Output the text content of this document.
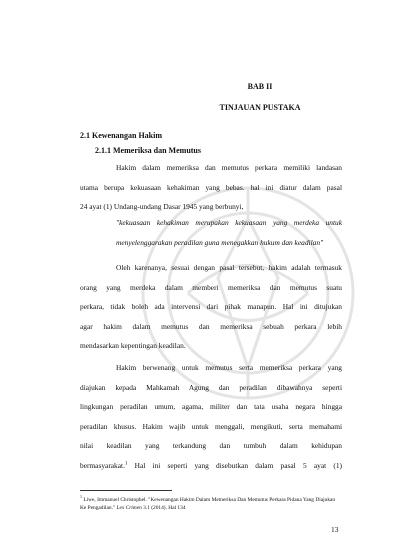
BAB II
TINJAUAN PUSTAKA
2.1 Kewenangan Hakim
2.1.1 Memeriksa dan Memutus
Hakim dalam memeriksa dan memutus perkara memiliki landasan
utama berupa kekuasaan kehakiman yang bebas. hal ini diatur dalam pasal
24 ayat (1) Undang-undang Dasar 1945 yang berbunyi,
"kekuasaan kehakiman merupakan kekuasaan yang merdeka untuk
menyelenggarakan peradilan guna menegakkan hukum dan keadilan"
Oleh karenanya, sesuai dengan pasal tersebut, hakim adalah termasuk
orang yang merdeka dalam memberi memeriksa dan memutus suatu
perkara, tidak boleh ada intervensi dari pihak manapun. Hal ini ditujukan
agar hakim dalam memutus dan memeriksa sebuah perkara lebih
mendasarkan kepentingan keadilan.
Hakim berwenang untuk memutus serta memeriksa perkara yang
diajukan kepada Mahkamah Agung dan peradilan dibawahnya seperti
lingkungan peradilan umum, agama, militer dan tata usaha negara hingga
peradilan khusus. Hakim wajib untuk menggali, mengikuti, serta memahami
nilai keadilan yang terkandung dan tumbuh dalam kehidupan
bermasyarakat.$^1$ Hal ini seperti yang disebutkan dalam pasal 5 ayat (1)
$^1$ Liwe, Immanuel Christophel. "Kewenangan Hakim Dalam Memeriksa Dan Memutus Perkara Pidana Yang Diajukan Ke Pengadilan." Lex Crimen 3.1 (2014). Hal 134
13
